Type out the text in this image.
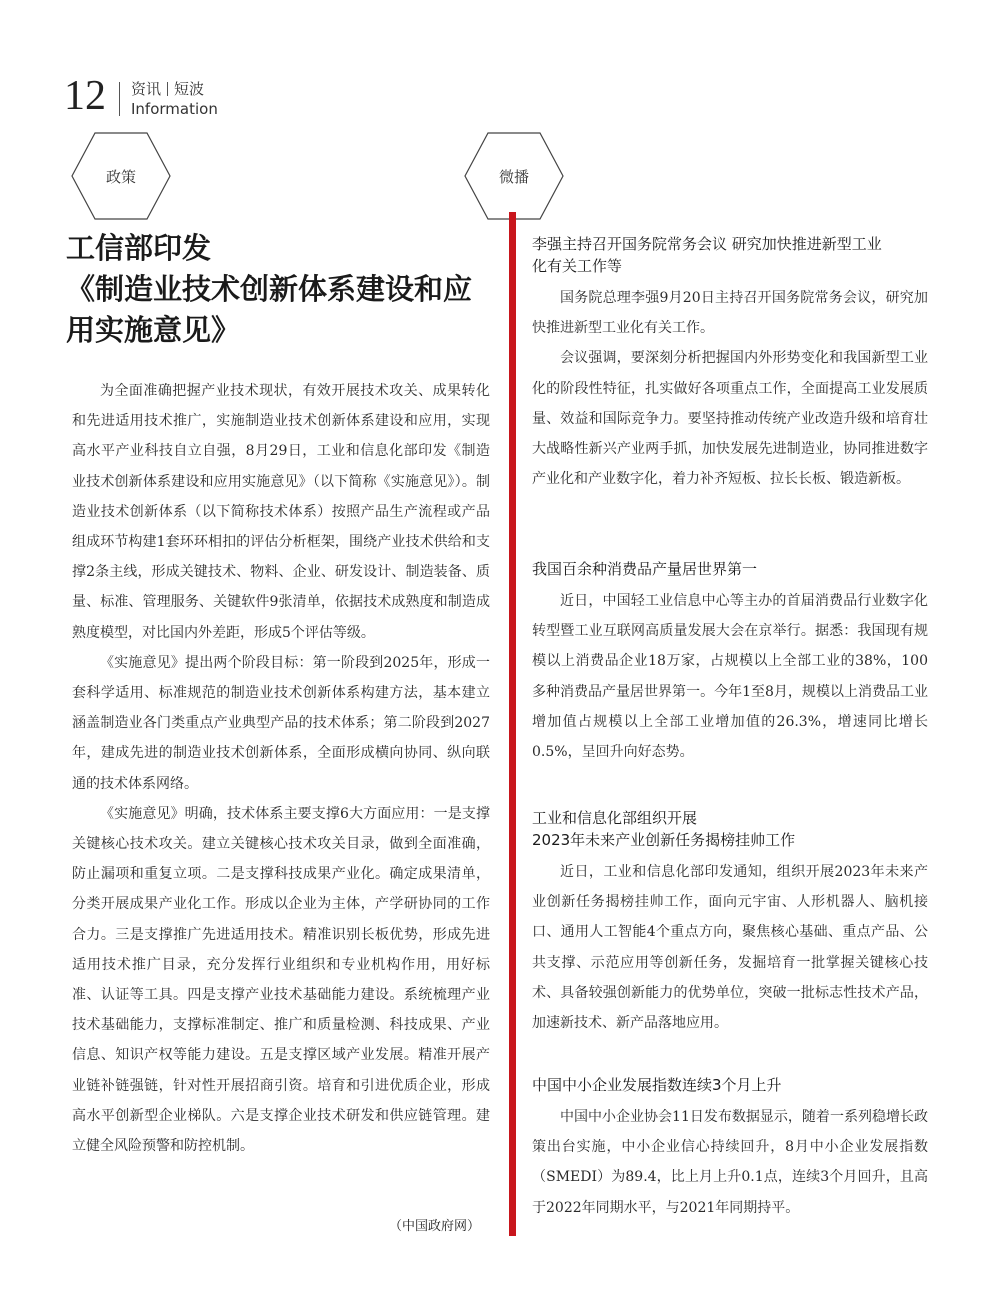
12 资讯 短波
Information
政策	微播
工信部印发
《制造业技术创新体系建设和应
用实施意见》

为全面准确把握产业技术现状，有效开展技术攻关、成果转化和先进适用技术推广，实施制造业技术创新体系建设和应用，实现高水平产业科技自立自强，8月29日，工业和信息化部印发《制造业技术创新体系建设和应用实施意见》（以下简称《实施意见》）。制造业技术创新体系（以下简称技术体系）按照产品生产流程或产品组成环节构建1套环环相扣的评估分析框架，围绕产业技术供给和支撑2条主线，形成关键技术、物料、企业、研发设计、制造装备、质量、标准、管理服务、关键软件9张清单，依据技术成熟度和制造成熟度模型，对比国内外差距，形成5个评估等级。

《实施意见》提出两个阶段目标：第一阶段到2025年，形成一套科学适用、标准规范的制造业技术创新体系构建方法，基本建立涵盖制造业各门类重点产业典型产品的技术体系；第二阶段到2027年，建成先进的制造业技术创新体系，全面形成横向协同、纵向联通的技术体系网络。

《实施意见》明确，技术体系主要支撑6大方面应用：一是支撑关键核心技术攻关。建立关键核心技术攻关目录，做到全面准确，防止漏项和重复立项。二是支撑科技成果产业化。确定成果清单，分类开展成果产业化工作。形成以企业为主体，产学研协同的工作合力。三是支撑推广先进适用技术。精准识别长板优势，形成先进适用技术推广目录，充分发挥行业组织和专业机构作用，用好标准、认证等工具。四是支撑产业技术基础能力建设。系统梳理产业技术基础能力，支撑标准制定、推广和质量检测、科技成果、产业信息、知识产权等能力建设。五是支撑区域产业发展。精准开展产业链补链强链，针对性开展招商引资。培育和引进优质企业，形成高水平创新型企业梯队。六是支撑企业技术研发和供应链管理。建立健全风险预警和防控机制。

（中国政府网）
李强主持召开国务院常务会议 研究加快推进新型工业
化有关工作等

国务院总理李强9月20日主持召开国务院常务会议，研究加快推进新型工业化有关工作。

会议强调，要深刻分析把握国内外形势变化和我国新型工业化的阶段性特征，扎实做好各项重点工作，全面提高工业发展质量、效益和国际竞争力。要坚持推动传统产业改造升级和培育壮大战略性新兴产业两手抓，加快发展先进制造业，协同推进数字产业化和产业数字化，着力补齐短板、拉长长板、锻造新板。

我国百余种消费品产量居世界第一

近日，中国轻工业信息中心等主办的首届消费品行业数字化转型暨工业互联网高质量发展大会在京举行。据悉：我国现有规模以上消费品企业18万家，占规模以上全部工业的38%，100多种消费品产量居世界第一。今年1至8月，规模以上消费品工业增加值占规模以上全部工业增加值的26.3%，增速同比增长0.5%，呈回升向好态势。

工业和信息化部组织开展
2023年未来产业创新任务揭榜挂帅工作

近日，工业和信息化部印发通知，组织开展2023年未来产业创新任务揭榜挂帅工作，面向元宇宙、人形机器人、脑机接口、通用人工智能4个重点方向，聚焦核心基础、重点产品、公共支撑、示范应用等创新任务，发掘培育一批掌握关键核心技术、具备较强创新能力的优势单位，突破一批标志性技术产品，加速新技术、新产品落地应用。

中国中小企业发展指数连续3个月上升

中国中小企业协会11日发布数据显示，随着一系列稳增长政策出台实施，中小企业信心持续回升，8月中小企业发展指数（SMEDI）为89.4，比上月上升0.1点，连续3个月回升，且高于2022年同期水平，与2021年同期持平。
